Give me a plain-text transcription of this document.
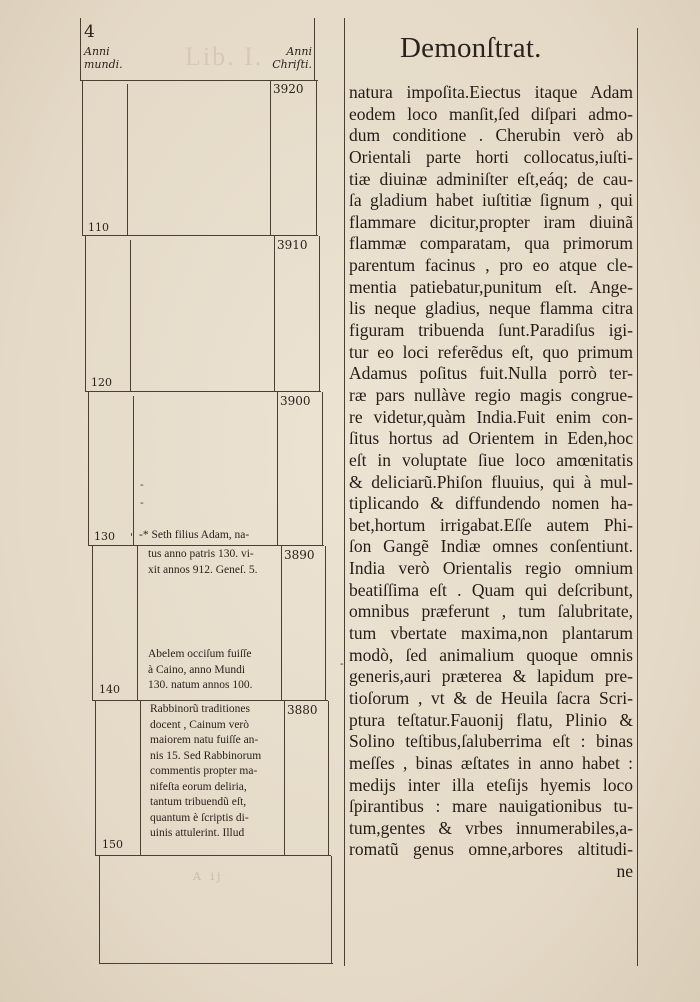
Lib. I.
4
Anni
mundi.
Anni
Chriſti.
Demonſtrat.
110
3920
120
3910
130
3900
140
3890
150
3880
-
-
'
-
-* Seth filius Adam, na-

tus anno patris 130. vi-

xit annos 912. Geneſ. 5.

Abelem occiſum fuiſſe

à Caino, anno Mundi

130. natum annos 100.

Rabbinorũ traditiones

docent , Cainum verò

maiorem natu fuiſſe an-

nis 15. Sed Rabbinorum

commentis propter ma-

nifeſta eorum deliria,

tantum tribuendũ eſt,

quantum è ſcriptis di-

uinis attulerint. Illud

natura impoſita.Eiectus itaque Adam
eodem loco manſit,ſed diſpari admo-
dum conditione . Cherubin verò ab
Orientali parte horti collocatus,iuſti-
tiæ diuinæ adminiſter eſt,eáq; de cau-
ſa gladium habet iuſtitiæ ſignum , qui
flammare dicitur,propter iram diuinã
flammæ comparatam, qua primorum
parentum facinus , pro eo atque cle-
mentia patiebatur,punitum eſt. Ange-
lis neque gladius, neque flamma citra
figuram tribuenda ſunt.Paradiſus igi-
tur eo loci referẽdus eſt, quo primum
Adamus poſitus fuit.Nulla porrò ter-
ræ pars nullàve regio magis congrue-
re videtur,quàm India.Fuit enim con-
ſitus hortus ad Orientem in Eden,hoc
eſt in voluptate ſiue loco amœnitatis
& deliciarũ.Phiſon fluuius, qui à mul-
tiplicando & diffundendo nomen ha-
bet,hortum irrigabat.Eſſe autem Phi-
ſon Gangẽ Indiæ omnes conſentiunt.
India verò Orientalis regio omnium
beatiſſima eſt . Quam qui deſcribunt,
omnibus præferunt , tum ſalubritate,
tum vbertate maxima,non plantarum
modò, ſed animalium quoque omnis
generis,auri præterea & lapidum pre-
tioſorum , vt & de Heuila ſacra Scri-
ptura teſtatur.Fauonij flatu, Plinio &
Solino teſtibus,ſaluberrima eſt : binas
meſſes , binas æſtates in anno habet :
medijs inter illa eteſijs hyemis loco
ſpirantibus : mare nauigationibus tu-
tum,gentes & vrbes innumerabiles,a-
romatũ genus omne,arbores altitudi-
ne
A ij
